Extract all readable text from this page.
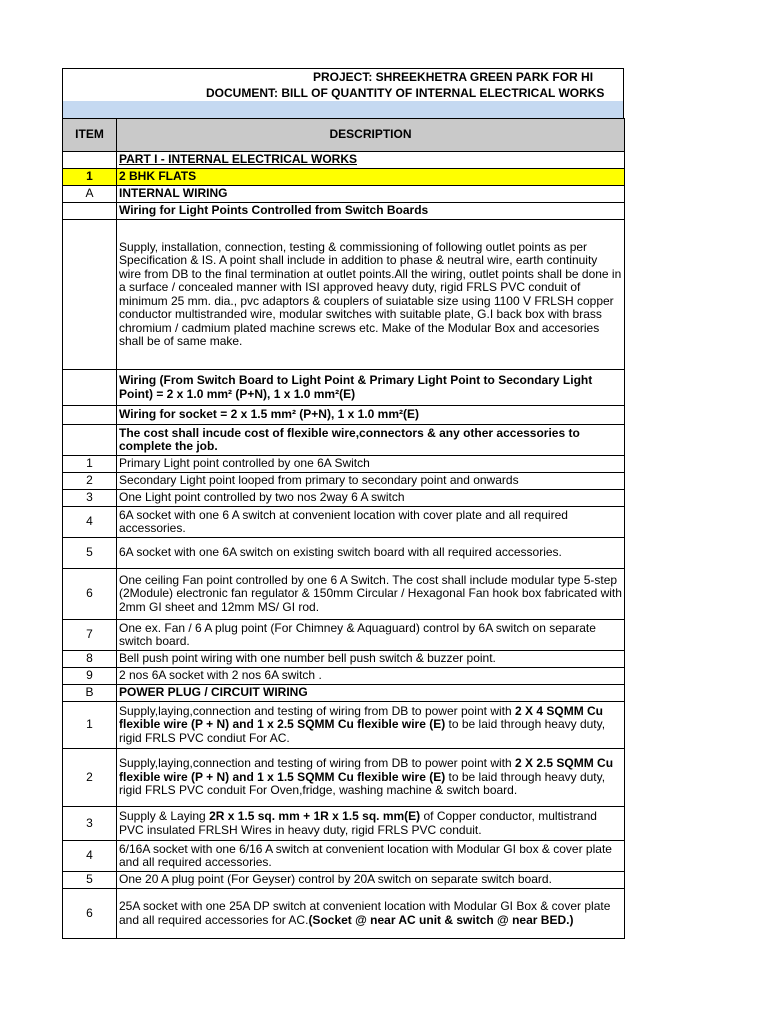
PROJECT: SHREEKHETRA GREEN PARK FOR HI
DOCUMENT: BILL OF QUANTITY OF INTERNAL ELECTRICAL WORKS
ITEM	DESCRIPTION
	PART I - INTERNAL ELECTRICAL WORKS
1	2 BHK FLATS
A	INTERNAL WIRING
	Wiring for Light Points Controlled from Switch Boards
	Supply, installation, connection, testing & commissioning of following outlet points as per Specification & IS. A point shall include in addition to phase & neutral wire, earth continuity wire from DB to the final termination at outlet points.All the wiring, outlet points shall be done in a surface / concealed manner with ISI approved heavy duty, rigid FRLS PVC conduit of minimum 25 mm. dia., pvc adaptors & couplers of suiatable size using 1100 V FRLSH copper conductor multistranded wire, modular switches with suitable plate, G.I back box with brass chromium / cadmium plated machine screws etc. Make of the Modular Box and accesories shall be of same make.
	Wiring (From Switch Board to Light Point & Primary Light Point to Secondary Light Point) = 2 x 1.0 mm² (P+N), 1 x 1.0 mm²(E)
	Wiring for socket = 2 x 1.5 mm² (P+N), 1 x 1.0 mm²(E)
	The cost shall incude cost of flexible wire,connectors & any other accessories to complete the job.
1	Primary Light point controlled by one 6A Switch
2	Secondary Light point looped from primary to secondary point and onwards
3	One Light point controlled by two nos 2way 6 A switch
4	6A socket with one 6 A switch at convenient location with cover plate and all required accessories.
5	6A socket with one 6A switch on existing switch board with all required accessories.
6	One ceiling Fan point controlled by one 6 A Switch. The cost shall include modular type 5-step (2Module) electronic fan regulator & 150mm Circular / Hexagonal Fan hook box fabricated with 2mm GI sheet and 12mm MS/ GI rod.
7	One ex. Fan / 6 A plug point (For Chimney & Aquaguard) control by 6A switch on separate switch board.
8	Bell push point wiring with one number bell push switch & buzzer point.
9	2 nos 6A socket with 2 nos 6A switch .
B	POWER PLUG / CIRCUIT WIRING
1	Supply,laying,connection and testing of wiring from DB to power point with 2 X 4 SQMM Cu flexible wire (P + N) and 1 x 2.5 SQMM Cu flexible wire (E) to be laid through heavy duty, rigid FRLS PVC condiut For AC.
2	Supply,laying,connection and testing of wiring from DB to power point with 2 X 2.5 SQMM Cu flexible wire (P + N) and 1 x 1.5 SQMM Cu flexible wire (E) to be laid through heavy duty, rigid FRLS PVC conduit For Oven,fridge, washing machine & switch board.
3	Supply & Laying 2R x 1.5 sq. mm + 1R x 1.5 sq. mm(E) of Copper conductor, multistrand PVC insulated FRLSH Wires in heavy duty, rigid FRLS PVC conduit.
4	6/16A socket with one 6/16 A switch at convenient location with Modular GI box & cover plate and all required accessories.
5	One 20 A plug point (For Geyser) control by 20A switch on separate switch board.
6	25A socket with one 25A DP switch at convenient location with Modular GI Box & cover plate and all required accessories for AC.(Socket @ near AC unit & switch @ near BED.)
